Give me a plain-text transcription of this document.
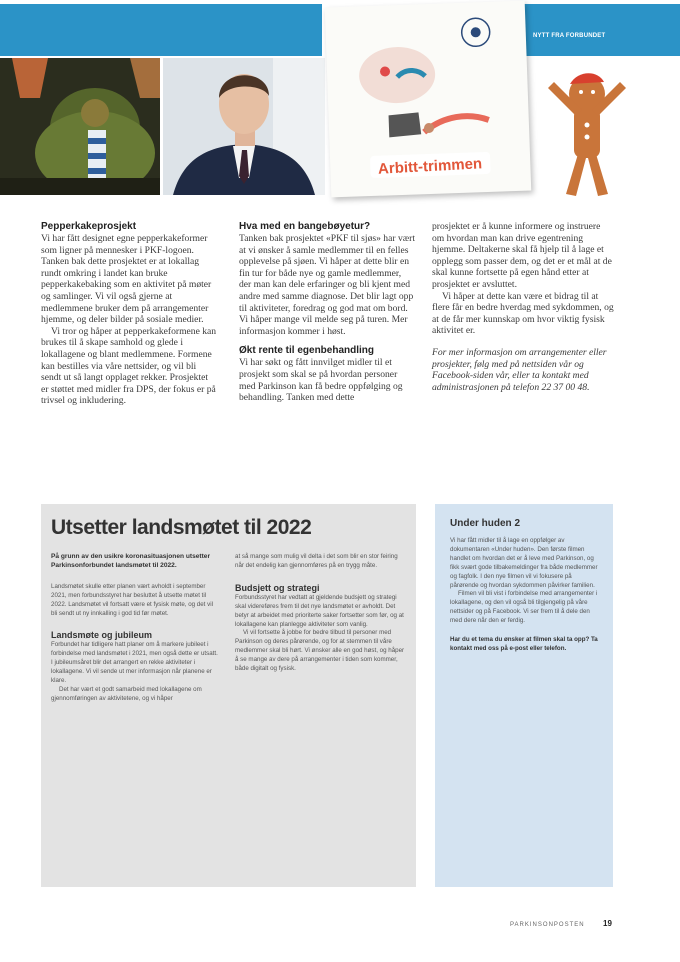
NYTT FRA FORBUNDET
Arbitt-trimmen
Pepperkakeprosjekt

Vi har fått designet egne pepperkakeformer som ligner på mennesker i PKF-logoen. Tanken bak dette prosjektet er at lokallag rundt omkring i landet kan bruke pepperkakebaking som en aktivitet på møter og samlinger. Vi vil også gjerne at medlemmene bruker dem på arrangementer hjemme, og deler bilder på sosiale medier.

Vi tror og håper at pepperkakeformene kan brukes til å skape samhold og glede i lokallagene og blant medlemmene. Formene kan bestilles via våre nettsider, og vil bli sendt ut så langt opplaget rekker. Prosjektet er støttet med midler fra DPS, der fokus er på trivsel og inkludering.

Hva med en bangebøyetur?

Tanken bak prosjektet «PKF til sjøs» har vært at vi ønsker å samle medlemmer til en felles opplevelse på sjøen. Vi håper at dette blir en fin tur for både nye og gamle medlemmer, der man kan dele erfaringer og bli kjent med andre med samme diagnose. Det blir lagt opp til aktiviteter, foredrag og god mat om bord. Vi håper mange vil melde seg på turen. Mer informasjon kommer i høst.

Økt rente til egenbehandling

Vi har søkt og fått innvilget midler til et prosjekt som skal se på hvordan personer med Parkinson kan få bedre oppfølging og behandling. Tanken med dette

prosjektet er å kunne informere og instruere om hvordan man kan drive egentrening hjemme. Deltakerne skal få hjelp til å lage et opplegg som passer dem, og det er et mål at de skal kunne fortsette på egen hånd etter at prosjektet er avsluttet.

Vi håper at dette kan være et bidrag til at flere får en bedre hverdag med sykdommen, og at de får mer kunnskap om hvor viktig fysisk aktivitet er.

For mer informasjon om arrangementer eller prosjekter, følg med på nettsiden vår og Facebook-siden vår, eller ta kontakt med administrasjonen på telefon 22 37 00 48.

Utsetter landsmøtet til 2022

På grunn av den usikre koronasituasjonen utsetter Parkinsonforbundet landsmøtet til 2022.

Landsmøtet skulle etter planen vært avholdt i september 2021, men forbundsstyret har besluttet å utsette møtet til 2022. Landsmøtet vil fortsatt være et fysisk møte, og det vil bli sendt ut ny innkalling i god tid før møtet.

Landsmøte og jubileum

Forbundet har tidligere hatt planer om å markere jubileet i forbindelse med landsmøtet i 2021, men også dette er utsatt. I jubileumsåret blir det arrangert en rekke aktiviteter i lokallagene. Vi vil sende ut mer informasjon når planene er klare.

Det har vært et godt samarbeid med lokallagene om gjennomføringen av aktivitetene, og vi håper

at så mange som mulig vil delta i det som blir en stor feiring når det endelig kan gjennomføres på en trygg måte.

Budsjett og strategi

Forbundsstyret har vedtatt at gjeldende budsjett og strategi skal videreføres frem til det nye landsmøtet er avholdt. Det betyr at arbeidet med prioriterte saker fortsetter som før, og at lokallagene kan planlegge aktiviteter som vanlig.

Vi vil fortsette å jobbe for bedre tilbud til personer med Parkinson og deres pårørende, og for at stemmen til våre medlemmer skal bli hørt. Vi ønsker alle en god høst, og håper å se mange av dere på arrangementer i tiden som kommer, både digitalt og fysisk.

Under huden 2

Vi har fått midler til å lage en oppfølger av dokumentaren «Under huden». Den første filmen handlet om hvordan det er å leve med Parkinson, og fikk svært gode tilbakemeldinger fra både medlemmer og fagfolk. I den nye filmen vil vi fokusere på pårørende og hvordan sykdommen påvirker familien.

Filmen vil bli vist i forbindelse med arrangementer i lokallagene, og den vil også bli tilgjengelig på våre nettsider og på Facebook. Vi ser frem til å dele den med dere når den er ferdig.

Har du et tema du ønsker at filmen skal ta opp? Ta kontakt med oss på e-post eller telefon.

PARKINSONPOSTEN 19
